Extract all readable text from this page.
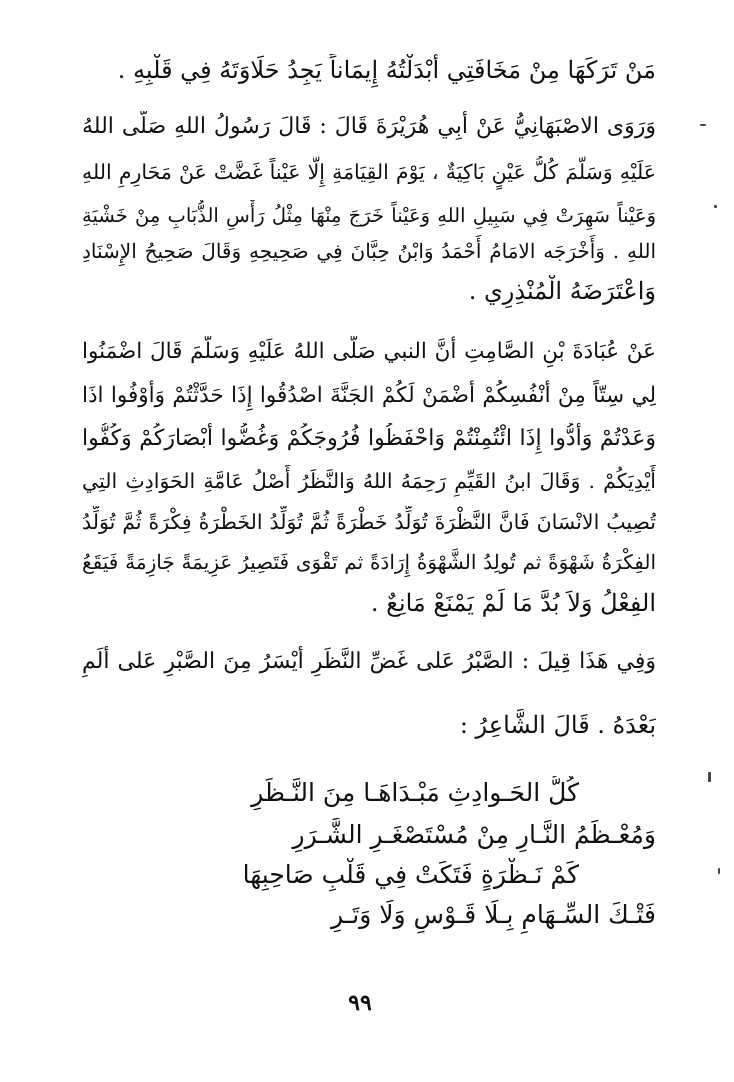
مَنْ تَرَكَهَا مِنْ مَخَافَتِي أَبْدَلْتُهُ إِيمَاناً يَجِدُ حَلَاوَتَهُ فِي قَلْبِهِ .
وَرَوَى الاصْبَهَانِيُّ عَنْ أَبِي هُرَيْرَةَ قَالَ : قَالَ رَسُولُ اللهِ صَلَّى اللهُ
عَلَيْهِ وَسَلَّمَ كُلُّ عَيْنٍ بَاكِيَةٌ ، يَوْمَ القِيَامَةِ إِلَّا عَيْناً غَضَّتْ عَنْ مَحَارِمِ اللهِ
وَعَيْناً سَهِرَتْ فِي سَبِيلِ اللهِ وَعَيْناً خَرَجَ مِنْهَا مِثْلُ رَأْسِ الذُّبَابِ مِنْ خَشْيَةِ
اللهِ . وَأَخْرَجَه الامَامُ أَحْمَدُ وَابْنُ حِبَّانَ فِي صَحِيحِهِ وَقَالَ صَحِيحُ الإِسْنَادِ
وَاعْتَرَضَهُ الْمُنْذِرِي .
عَنْ عُبَادَةَ بْنِ الصَّامِتِ أَنَّ النبي صَلَّى اللهُ عَلَيْهِ وَسَلَّمَ قَالَ اضْمَنُوا
لِي سِتّاً مِنْ أَنْفُسِكُمْ أَضْمَنْ لَكُمْ الجَنَّةَ اصْدُقُوا إِذَا حَدَّثْتُمْ وَأَوْفُوا اذَا
وَعَدْتُمْ وَأَدُّوا إِذَا ائْتُمِنْتُمْ وَاحْفَظُوا فُرُوجَكُمْ وَغُضُّوا أَبْصَارَكُمْ وَكُفُّوا
أَيْدِيَكُمْ . وَقَالَ ابنُ القَيِّمِ رَحِمَهُ اللهُ وَالنَّظَرُ أَصْلُ عَامَّةِ الحَوَادِثِ التِي
تُصِيبُ الانْسَانَ فَانَّ النَّظْرَةَ تُوَلِّدُ خَطْرَةً ثُمَّ تُوَلِّدُ الخَطْرَةُ فِكْرَةً ثُمَّ تُوَلِّدُ
الفِكْرَةُ شَهْوَةً ثم تُولِدُ الشَّهْوَةُ إِرَادَةً ثم تَقْوَى فَتَصِيرُ عَزِيمَةً جَازِمَةً فَيَقَعُ
الفِعْلُ وَلاَ بُدَّ مَا لَمْ يَمْنَعْ مَانِعٌ .
وَفِي هَذَا قِيلَ : الصَّبْرُ عَلى غَضِّ النَّظَرِ أَيْسَرُ مِنَ الصَّبْرِ عَلى أَلَمِ
بَعْدَهُ . قَالَ الشَّاعِرُ :
كُلُّ الحَـوادِثِ مَبْـدَاهَـا مِنَ النَّـظَرِ
وَمُعْـظَمُ النَّـارِ مِنْ مُسْتَصْغَـرِ الشَّـرَرِ
كَمْ نَـظْرَةٍ فَتَكَتْ فِي قَلْبِ صَاحِبِهَا
فَتْـكَ السِّـهَامِ بِـلَا قَـوْسٍ وَلَا وَتَـرِ
٩٩
